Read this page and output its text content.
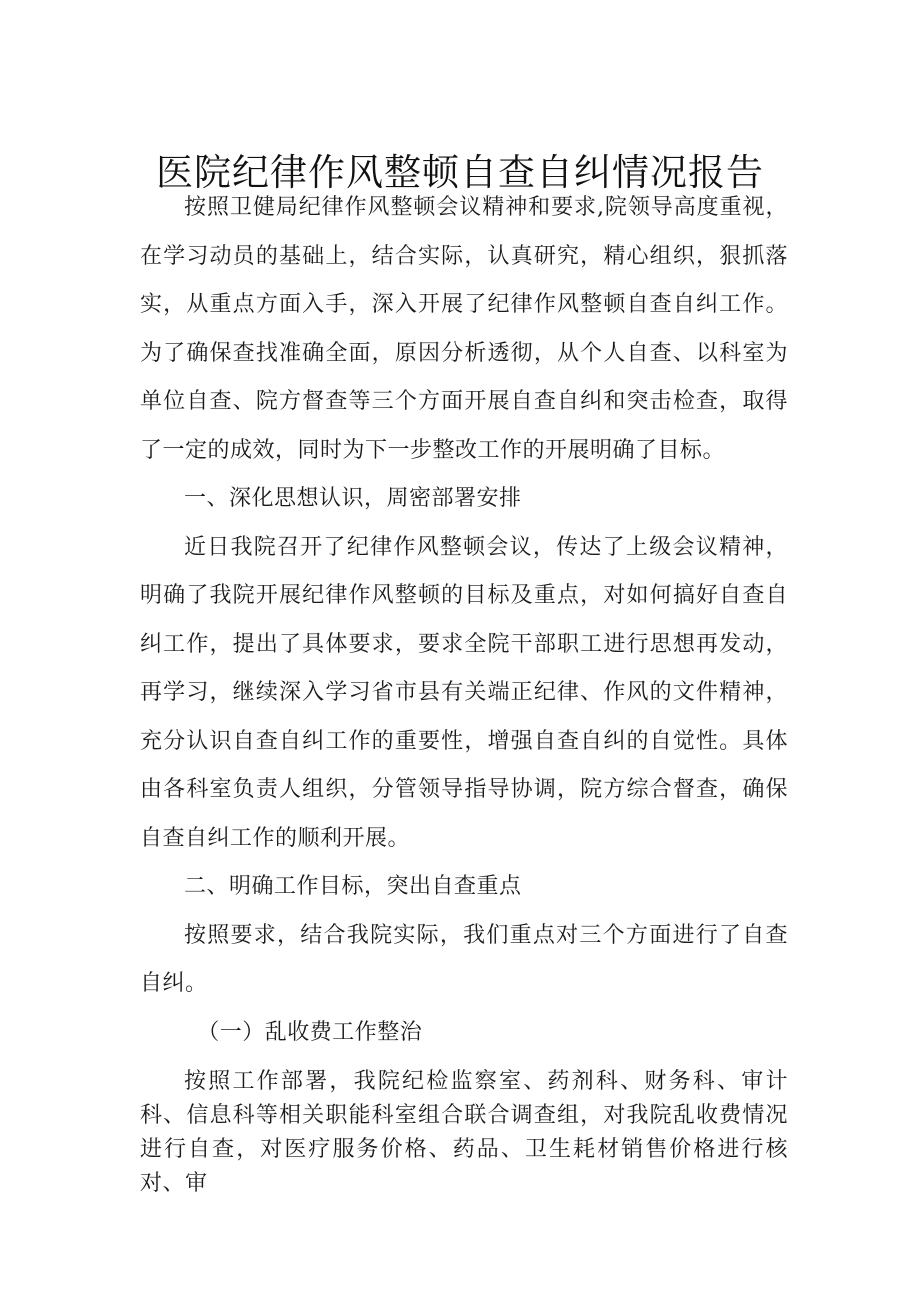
医院纪律作风整顿自查自纠情况报告

按照卫健局纪律作风整顿会议精神和要求,院领导高度重视，在学习动员的基础上，结合实际，认真研究，精心组织，狠抓落实，从重点方面入手，深入开展了纪律作风整顿自查自纠工作。为了确保查找准确全面，原因分析透彻，从个人自查、以科室为单位自查、院方督查等三个方面开展自查自纠和突击检查，取得了一定的成效，同时为下一步整改工作的开展明确了目标。

一、深化思想认识，周密部署安排

近日我院召开了纪律作风整顿会议，传达了上级会议精神，明确了我院开展纪律作风整顿的目标及重点，对如何搞好自查自纠工作，提出了具体要求，要求全院干部职工进行思想再发动，再学习，继续深入学习省市县有关端正纪律、作风的文件精神，充分认识自查自纠工作的重要性，增强自查自纠的自觉性。具体由各科室负责人组织，分管领导指导协调，院方综合督查，确保自查自纠工作的顺利开展。

二、明确工作目标，突出自查重点

按照要求，结合我院实际，我们重点对三个方面进行了自查自纠。

（一）乱收费工作整治

按照工作部署，我院纪检监察室、药剂科、财务科、审计科、信息科等相关职能科室组合联合调查组，对我院乱收费情况进行自查，对医疗服务价格、药品、卫生耗材销售价格进行核对、审
